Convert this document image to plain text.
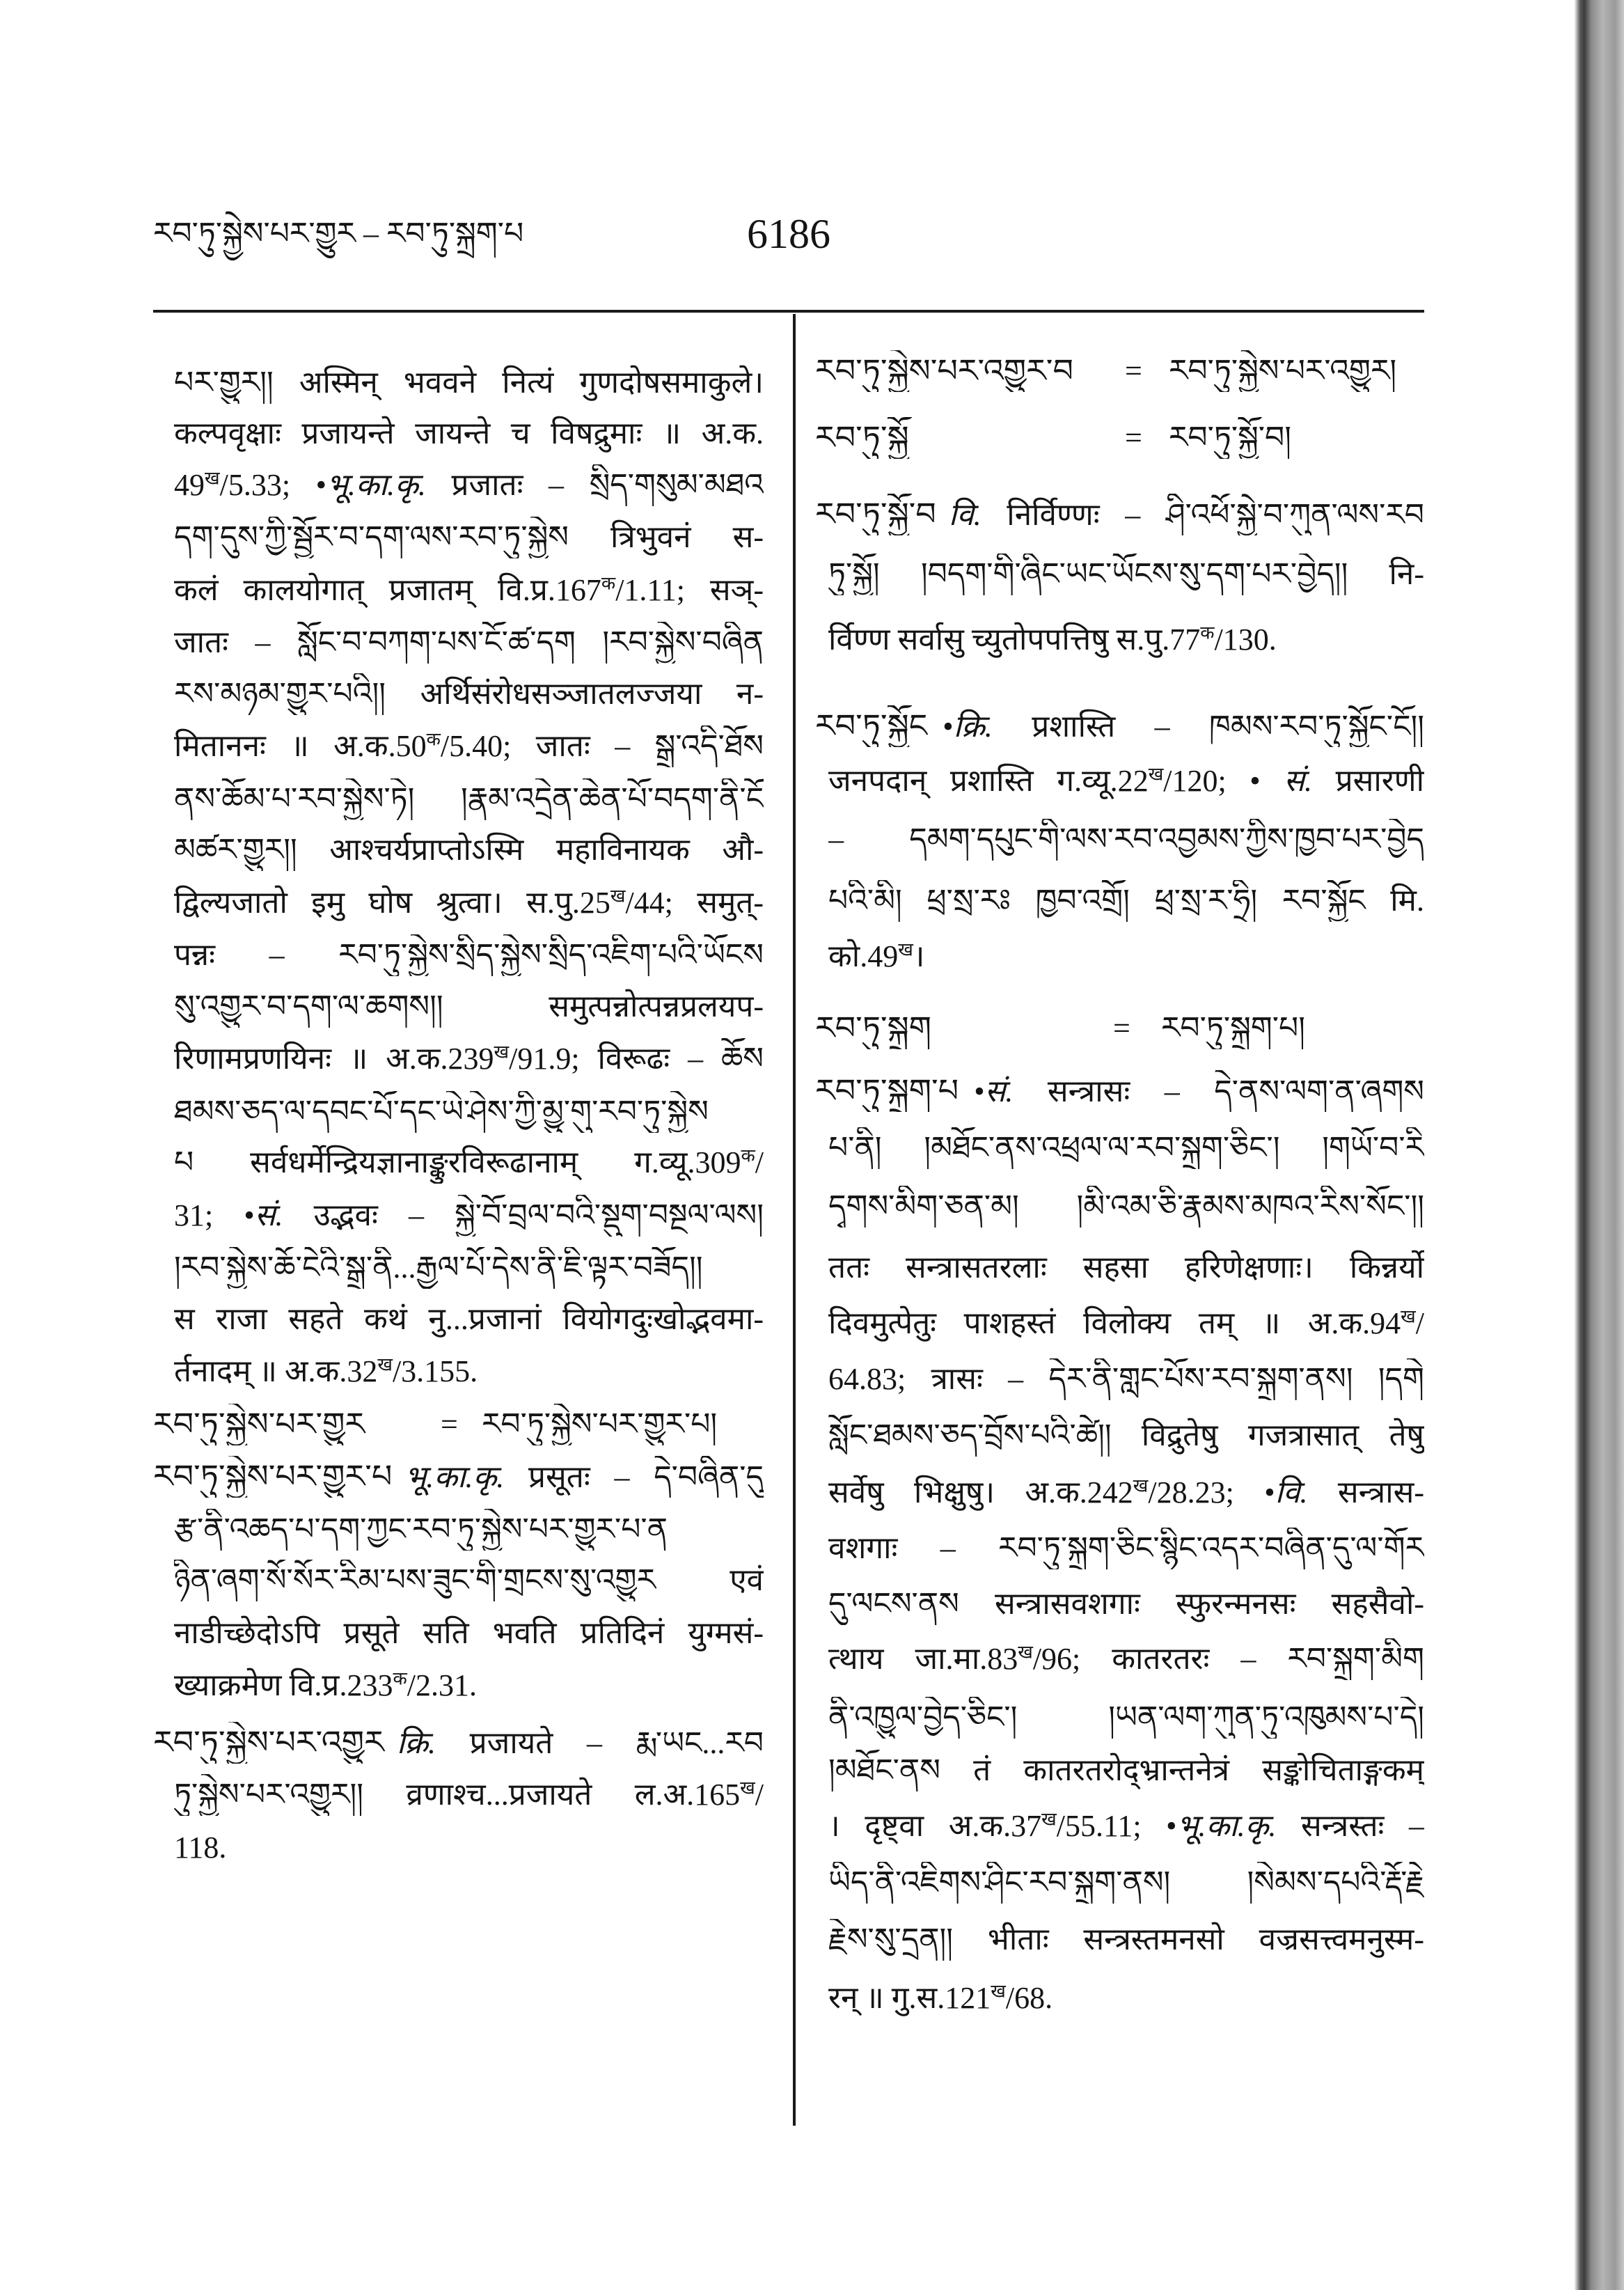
རབ་ཏུ་སྐྱེས་པར་གྱུར – རབ་ཏུ་སྐྲག་པ	6186
པར་གྱུར།། अस्मिन् भववने नित्यं गुणदोषसमाकुले।
कल्पवृक्षाः प्रजायन्ते जायन्ते च विषद्रुमाः ॥ अ.क.
$49^ख/5.33$; •भू.का.कृ. प्रजातः – སྲིད་གསུམ་མཐའ
དག་དུས་ཀྱི་སྦྱོར་བ་དག་ལས་རབ་ཏུ་སྐྱེས त्रिभुवनं स-
कलं कालयोगात् प्रजातम् $वि.प्र.167^क/1.11$; सञ्-
जातः – སློང་བ་བཀག་པས་ངོ་ཚ་དག །རབ་སྐྱེས་བཞིན
རས་མཉམ་གྱུར་པའི།། अर्थिसंरोधसञ्जातलज्जया न-
मिताननः ॥ $अ.क.50^क/5.40$; जातः – སྒྲ་འདི་ཐོས
ནས་ཆོམ་པ་རབ་སྐྱེས་ཏེ། །རྣམ་འདྲེན་ཆེན་པོ་བདག་ནི་ངོ
མཚར་གྱུར།། आश्चर्यप्राप्तोऽस्मि महाविनायक औ-
द्विल्यजातो इमु घोष श्रुत्वा। $स.पु.25^ख/44$; समुत्-
पन्नः – རབ་ཏུ་སྐྱེས་སྲིད་སྐྱེས་སྲིད་འཇིག་པའི་ཡོངས
སུ་འགྱུར་བ་དག་ལ་ཆགས།། समुत्पन्नोत्पन्नप्रलयप-
रिणामप्रणयिनः ॥ $अ.क.239^ख/91.9$; विरूढः – ཆོས
ཐམས་ཅད་ལ་དབང་པོ་དང་ཡེ་ཤེས་ཀྱི་མྱུ་གུ་རབ་ཏུ་སྐྱེས
པ सर्वधर्मेन्द्रियज्ञानाङ्कुरविरूढानाम् $ग.व्यू.309^क/$
31; •सं. उद्भवः – སྐྱེ་བོ་བྲལ་བའི་སྡུག་བསྔལ་ལས།
།རབ་སྐྱེས་ཆོ་ངེའི་སྒྲ་ནི...རྒྱལ་པོ་དེས་ནི་ཇི་ལྟར་བཟོད།།
स राजा सहते कथं नु...प्रजानां वियोगदुःखोद्भवमा-
र्तनादम् ॥ $अ.क.32^ख/3.155$.
རབ་ཏུ་སྐྱེས་པར་གྱུར = རབ་ཏུ་སྐྱེས་པར་གྱུར་པ།
རབ་ཏུ་སྐྱེས་པར་གྱུར་པ भू.का.कृ. प्रसूतः – དེ་བཞིན་དུ
རྩ་ནི་འཆད་པ་དག་ཀྱང་རབ་ཏུ་སྐྱེས་པར་གྱུར་པ་ན
ཉིན་ཞག་སོ་སོར་རིམ་པས་ཟུང་གི་གྲངས་སུ་འགྱུར एवं
नाडीच्छेदोऽपि प्रसूते सति भवति प्रतिदिनं युग्मसं-
ख्याक्रमेण $वि.प्र.233^क/2.31$.
རབ་ཏུ་སྐྱེས་པར་འགྱུར क्रि. प्रजायते – རྨ་ཡང...རབ
ཏུ་སྐྱེས་པར་འགྱུར།། व्रणाश्च...प्रजायते $ल.अ.165^ख/$
118.
རབ་ཏུ་སྐྱེས་པར་འགྱུར་བ = རབ་ཏུ་སྐྱེས་པར་འགྱུར།
རབ་ཏུ་སྐྱོ	= རབ་ཏུ་སྐྱོ་བ།
རབ་ཏུ་སྐྱོ་བ वि. निर्विण्णः – ཤི་འཕོ་སྐྱེ་བ་ཀུན་ལས་རབ
ཏུ་སྐྱོ། །བདག་གི་ཞིང་ཡང་ཡོངས་སུ་དག་པར་བྱེད།། नि-
र्विण्ण सर्वासु च्युतोपपत्तिषु $स.पु.77^क/130$.
རབ་ཏུ་སྐྱོང •क्रि. प्रशास्ति – ཁམས་རབ་ཏུ་སྐྱོང་ངོ།།
जनपदान् प्रशास्ति $ग.व्यू.22^ख/120$; • सं. प्रसारणी
– དམག་དཔུང་གི་ལས་རབ་འབྱམས་ཀྱིས་ཁྱབ་པར་བྱེད
པའི་མི། ཕྲ་སྲ་རཿ ཁྱབ་འགྲོ། ཕྲ་སྲ་ར་ཧྲི། རབ་སྐྱོང मि.
$को.49^ख।$
རབ་ཏུ་སྐྲག	= རབ་ཏུ་སྐྲག་པ།
རབ་ཏུ་སྐྲག་པ •सं. सन्त्रासः – དེ་ནས་ལག་ན་ཞགས
པ་ནི། །མཐོང་ནས་འཕྲལ་ལ་རབ་སྐྲག་ཅིང་། །གཡོ་བ་རི
དྭགས་མིག་ཅན་མ། །མི་འམ་ཅི་རྣམས་མཁའ་རིས་སོང་།།
ततः सन्त्रासतरलाः सहसा हरिणेक्षणाः। किन्नर्यो
दिवमुत्पेतुः पाशहस्तं विलोक्य तम् ॥ $अ.क.94^ख/$
64.83; त्रासः – དེར་ནི་གླང་པོས་རབ་སྐྲག་ནས། །དགེ
སློང་ཐམས་ཅད་བྲོས་པའི་ཚེ།། विद्रुतेषु गजत्रासात् तेषु
सर्वेषु भिक्षुषु। $अ.क.242^ख/28.23$; •वि. सन्त्रास-
वशगाः – རབ་ཏུ་སྐྲག་ཅིང་སྙིང་འདར་བཞིན་དུ་ལ་གོར
དུ་ལངས་ནས सन्त्रासवशगाः स्फुरन्मनसः सहसैवो-
त्थाय $जा.मा.83^ख/96$; कातरतरः – རབ་སྐྲག་མིག
ནི་འཁྱུལ་བྱེད་ཅིང་། །ཡན་ལག་ཀུན་ཏུ་འཁུམས་པ་དེ།
།མཐོང་ནས तं कातरतरोद्भ्रान्तनेत्रं सङ्कोचिताङ्गकम्
। दृष्ट्वा $अ.क.37^ख/55.11$; •भू.का.कृ. सन्त्रस्तः –
ཡིད་ནི་འཇིགས་ཤིང་རབ་སྐྲག་ནས། །སེམས་དཔའི་རྡོ་རྗེ
རྗེས་སུ་དྲན།། भीताः सन्त्रस्तमनसो वज्रसत्त्वमनुस्म-
रन् ॥ $गु.स.121^ख/68$.
